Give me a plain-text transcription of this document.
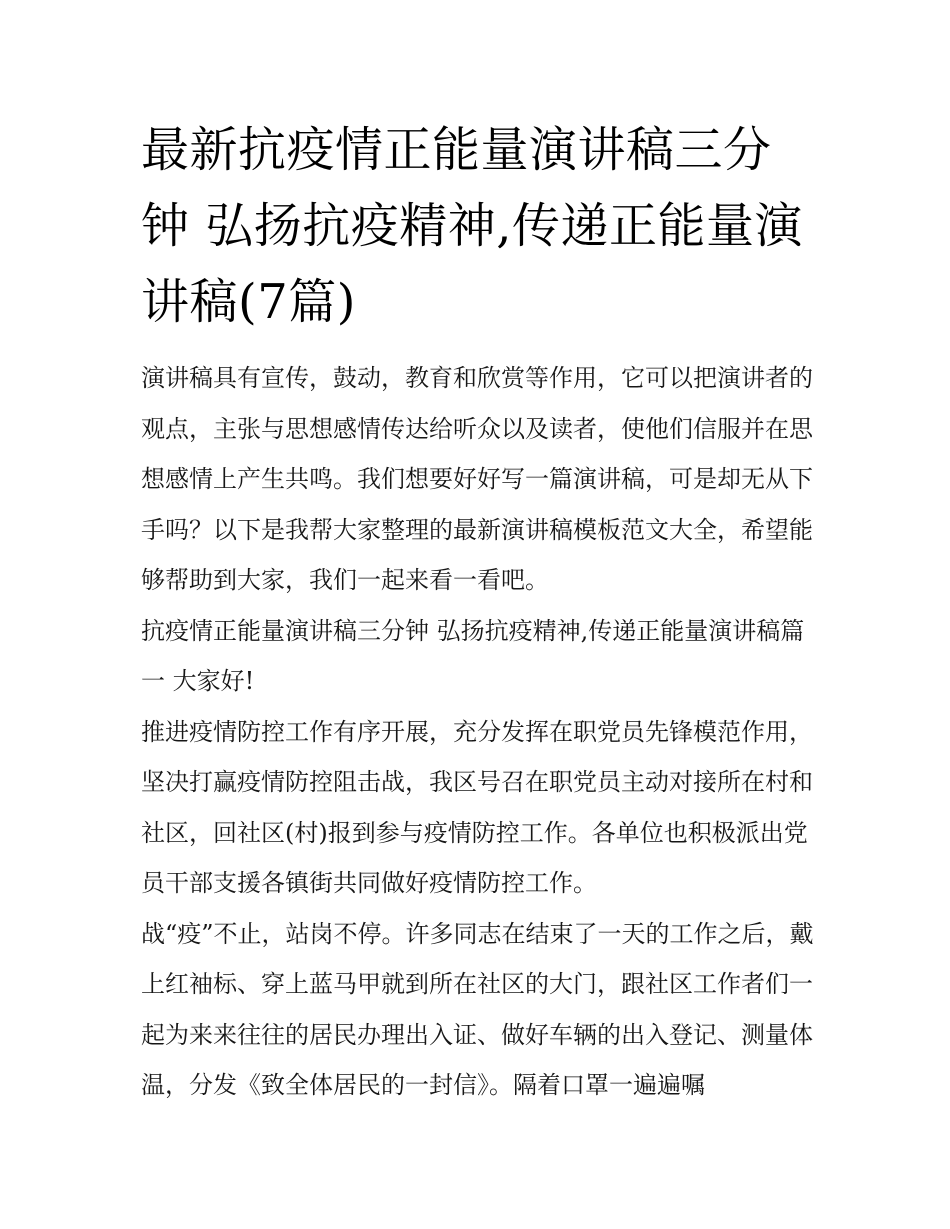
最新抗疫情正能量演讲稿三分钟 弘扬抗疫精神,传递正能量演讲稿(7篇)

演讲稿具有宣传，鼓动，教育和欣赏等作用，它可以把演讲者的观点，主张与思想感情传达给听众以及读者，使他们信服并在思想感情上产生共鸣。我们想要好好写一篇演讲稿，可是却无从下手吗？以下是我帮大家整理的最新演讲稿模板范文大全，希望能够帮助到大家，我们一起来看一看吧。

抗疫情正能量演讲稿三分钟 弘扬抗疫精神,传递正能量演讲稿篇一 大家好!

推进疫情防控工作有序开展，充分发挥在职党员先锋模范作用，坚决打赢疫情防控阻击战，我区号召在职党员主动对接所在村和社区，回社区(村)报到参与疫情防控工作。各单位也积极派出党员干部支援各镇街共同做好疫情防控工作。

战“疫”不止，站岗不停。许多同志在结束了一天的工作之后，戴上红袖标、穿上蓝马甲就到所在社区的大门，跟社区工作者们一起为来来往往的居民办理出入证、做好车辆的出入登记、测量体温，分发《致全体居民的一封信》。隔着口罩一遍遍嘱
